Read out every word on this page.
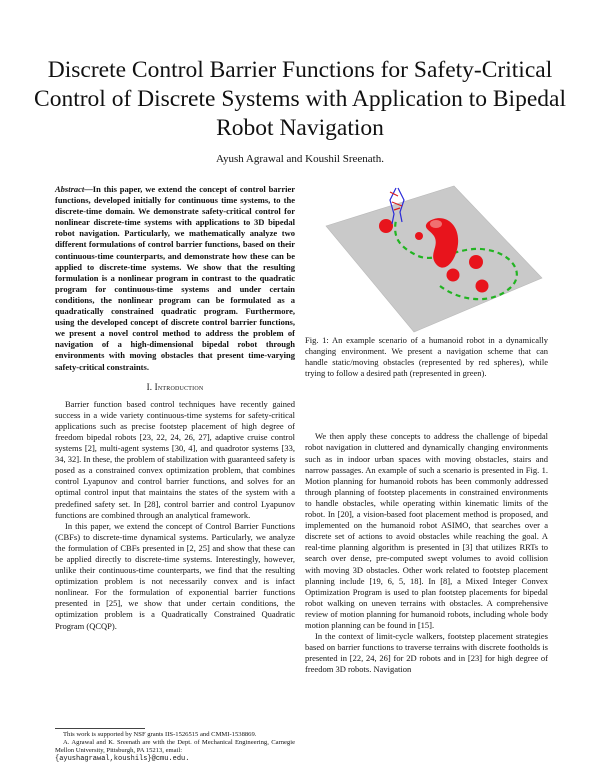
Discrete Control Barrier Functions for Safety-Critical Control of Discrete Systems with Application to Bipedal Robot Navigation
Ayush Agrawal and Koushil Sreenath.

Abstract—In this paper, we extend the concept of control barrier functions, developed initially for continuous time systems, to the discrete-time domain. We demonstrate safety-critical control for nonlinear discrete-time systems with applications to 3D bipedal robot navigation. Particularly, we mathematically analyze two different formulations of control barrier functions, based on their continuous-time counterparts, and demonstrate how these can be applied to discrete-time systems. We show that the resulting formulation is a nonlinear program in contrast to the quadratic program for continuous-time systems and under certain conditions, the nonlinear program can be formulated as a quadratically constrained quadratic program. Furthermore, using the developed concept of discrete control barrier functions, we present a novel control method to address the problem of navigation of a high-dimensional bipedal robot through environments with moving obstacles that present time-varying safety-critical constraints.

I. Introduction

Barrier function based control techniques have recently gained success in a wide variety continuous-time systems for safety-critical applications such as precise footstep placement of high degree of freedom bipedal robots [23, 22, 24, 26, 27], adaptive cruise control systems [2], multi-agent systems [30, 4], and quadrotor systems [33, 34, 32]. In these, the problem of stabilization with guaranteed safety is posed as a constrained convex optimization problem, that combines control Lyapunov and control barrier functions, and solves for an optimal control input that maintains the states of the system with a predefined safety set. In [28], control barrier and control Lyapunov functions are combined through an analytical framework.

In this paper, we extend the concept of Control Barrier Functions (CBFs) to discrete-time dynamical systems. Particularly, we analyze the formulation of CBFs presented in [2, 25] and show that these can be applied directly to discrete-time systems. Interestingly, however, unlike their continuous-time counterparts, we find that the resulting optimization problem is not necessarily convex and is infact nonlinear. For the formulation of exponential barrier functions presented in [25], we show that under certain conditions, the optimization problem is a Quadratically Constrained Quadratic Program (QCQP).

This work is supported by NSF grants IIS-1526515 and CMMI-1538869.
A. Agrawal and K. Sreenath are with the Dept. of Mechanical Engineering, Carnegie Mellon University, Pittsburgh, PA 15213, email:
{ayushagrawal,koushils}@cmu.edu.

Fig. 1: An example scenario of a humanoid robot in a dynamically changing environment. We present a navigation scheme that can handle static/moving obstacles (represented by red spheres), while trying to follow a desired path (represented in green).

We then apply these concepts to address the challenge of bipedal robot navigation in cluttered and dynamically changing environments such as in indoor urban spaces with moving obstacles, stairs and narrow passages. An example of such a scenario is presented in Fig. 1. Motion planning for humanoid robots has been commonly addressed through planning of footstep placements in constrained environments to handle obstacles, while operating within kinematic limits of the robot. In [20], a vision-based foot placement method is proposed, and implemented on the humanoid robot ASIMO, that searches over a discrete set of actions to avoid obstacles while reaching the goal. A real-time planning algorithm is presented in [3] that utilizes RRTs to search over dense, pre-computed swept volumes to avoid collision with moving 3D obstacles. Other work related to footstep placement planning include [19, 6, 5, 18]. In [8], a Mixed Integer Convex Optimization Program is used to plan footstep placements for bipedal robot walking on uneven terrains with obstacles. A comprehensive review of motion planning for humanoid robots, including whole body motion planning can be found in [15].

In the context of limit-cycle walkers, footstep placement strategies based on barrier functions to traverse terrains with discrete footholds is presented in [22, 24, 26] for 2D robots and in [23] for high degree of freedom 3D robots. Navigation
